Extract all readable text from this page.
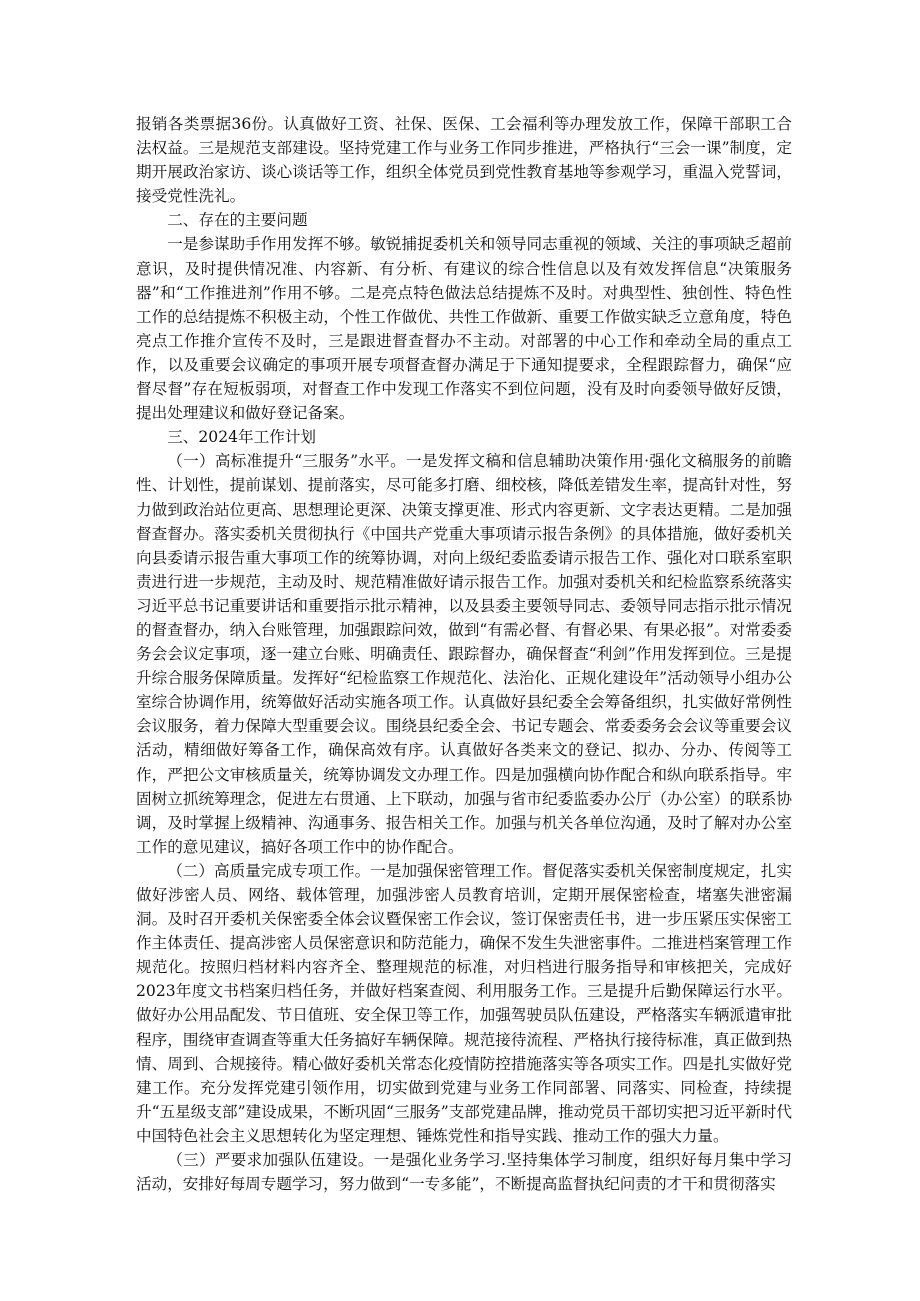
报销各类票据36份。认真做好工资、社保、医保、工会福利等办理发放工作，保障干部职工合法权益。三是规范支部建设。坚持党建工作与业务工作同步推进，严格执行“三会一课”制度，定期开展政治家访、谈心谈话等工作，组织全体党员到党性教育基地等参观学习，重温入党誓词，接受党性洗礼。

二、存在的主要问题

一是参谋助手作用发挥不够。敏锐捕捉委机关和领导同志重视的领域、关注的事项缺乏超前意识，及时提供情况准、内容新、有分析、有建议的综合性信息以及有效发挥信息“决策服务器”和“工作推进剂”作用不够。二是亮点特色做法总结提炼不及时。对典型性、独创性、特色性工作的总结提炼不积极主动，个性工作做优、共性工作做新、重要工作做实缺乏立意角度，特色亮点工作推介宣传不及时，三是跟进督查督办不主动。对部署的中心工作和牵动全局的重点工作，以及重要会议确定的事项开展专项督查督办满足于下通知提要求，全程跟踪督力，确保“应督尽督”存在短板弱项，对督查工作中发现工作落实不到位问题，没有及时向委领导做好反馈，提出处理建议和做好登记备案。

三、2024年工作计划

（一）高标准提升“三服务”水平。一是发挥文稿和信息辅助决策作用·强化文稿服务的前瞻性、计划性，提前谋划、提前落实，尽可能多打磨、细校核，降低差错发生率，提高针对性，努力做到政治站位更高、思想理论更深、决策支撑更准、形式内容更新、文字表达更精。二是加强督查督办。落实委机关贯彻执行《中国共产党重大事项请示报告条例》的具体措施，做好委机关向县委请示报告重大事项工作的统筹协调，对向上级纪委监委请示报告工作、强化对口联系室职责进行进一步规范，主动及时、规范精准做好请示报告工作。加强对委机关和纪检监察系统落实习近平总书记重要讲话和重要指示批示精神，以及县委主要领导同志、委领导同志指示批示情况的督查督办，纳入台账管理，加强跟踪问效，做到“有需必督、有督必果、有果必报”。对常委委务会会议定事项，逐一建立台账、明确责任、跟踪督办，确保督查“利剑”作用发挥到位。三是提升综合服务保障质量。发挥好“纪检监察工作规范化、法治化、正规化建设年”活动领导小组办公室综合协调作用，统筹做好活动实施各项工作。认真做好县纪委全会筹备组织，扎实做好常例性会议服务，着力保障大型重要会议。围绕县纪委全会、书记专题会、常委委务会会议等重要会议活动，精细做好筹备工作，确保高效有序。认真做好各类来文的登记、拟办、分办、传阅等工作，严把公文审核质量关，统筹协调发文办理工作。四是加强横向协作配合和纵向联系指导。牢固树立抓统筹理念，促进左右贯通、上下联动，加强与省市纪委监委办公厅（办公室）的联系协调，及时掌握上级精神、沟通事务、报告相关工作。加强与机关各单位沟通，及时了解对办公室工作的意见建议，搞好各项工作中的协作配合。

（二）高质量完成专项工作。一是加强保密管理工作。督促落实委机关保密制度规定，扎实做好涉密人员、网络、载体管理，加强涉密人员教育培训，定期开展保密检查，堵塞失泄密漏洞。及时召开委机关保密委全体会议暨保密工作会议，签订保密责任书，进一步压紧压实保密工作主体责任、提高涉密人员保密意识和防范能力，确保不发生失泄密事件。二推进档案管理工作规范化。按照归档材料内容齐全、整理规范的标准，对归档进行服务指导和审核把关，完成好2023年度文书档案归档任务，并做好档案查阅、利用服务工作。三是提升后勤保障运行水平。做好办公用品配发、节日值班、安全保卫等工作，加强驾驶员队伍建设，严格落实车辆派遣审批程序，围绕审查调查等重大任务搞好车辆保障。规范接待流程、严格执行接待标准，真正做到热情、周到、合规接待。精心做好委机关常态化疫情防控措施落实等各项实工作。四是扎实做好党建工作。充分发挥党建引领作用，切实做到党建与业务工作同部署、同落实、同检查，持续提升“五星级支部”建设成果，不断巩固“三服务”支部党建品牌，推动党员干部切实把习近平新时代中国特色社会主义思想转化为坚定理想、锤炼党性和指导实践、推动工作的强大力量。

（三）严要求加强队伍建设。一是强化业务学习.坚持集体学习制度，组织好每月集中学习活动，安排好每周专题学习，努力做到“一专多能”，不断提高监督执纪问责的才干和贯彻落实
